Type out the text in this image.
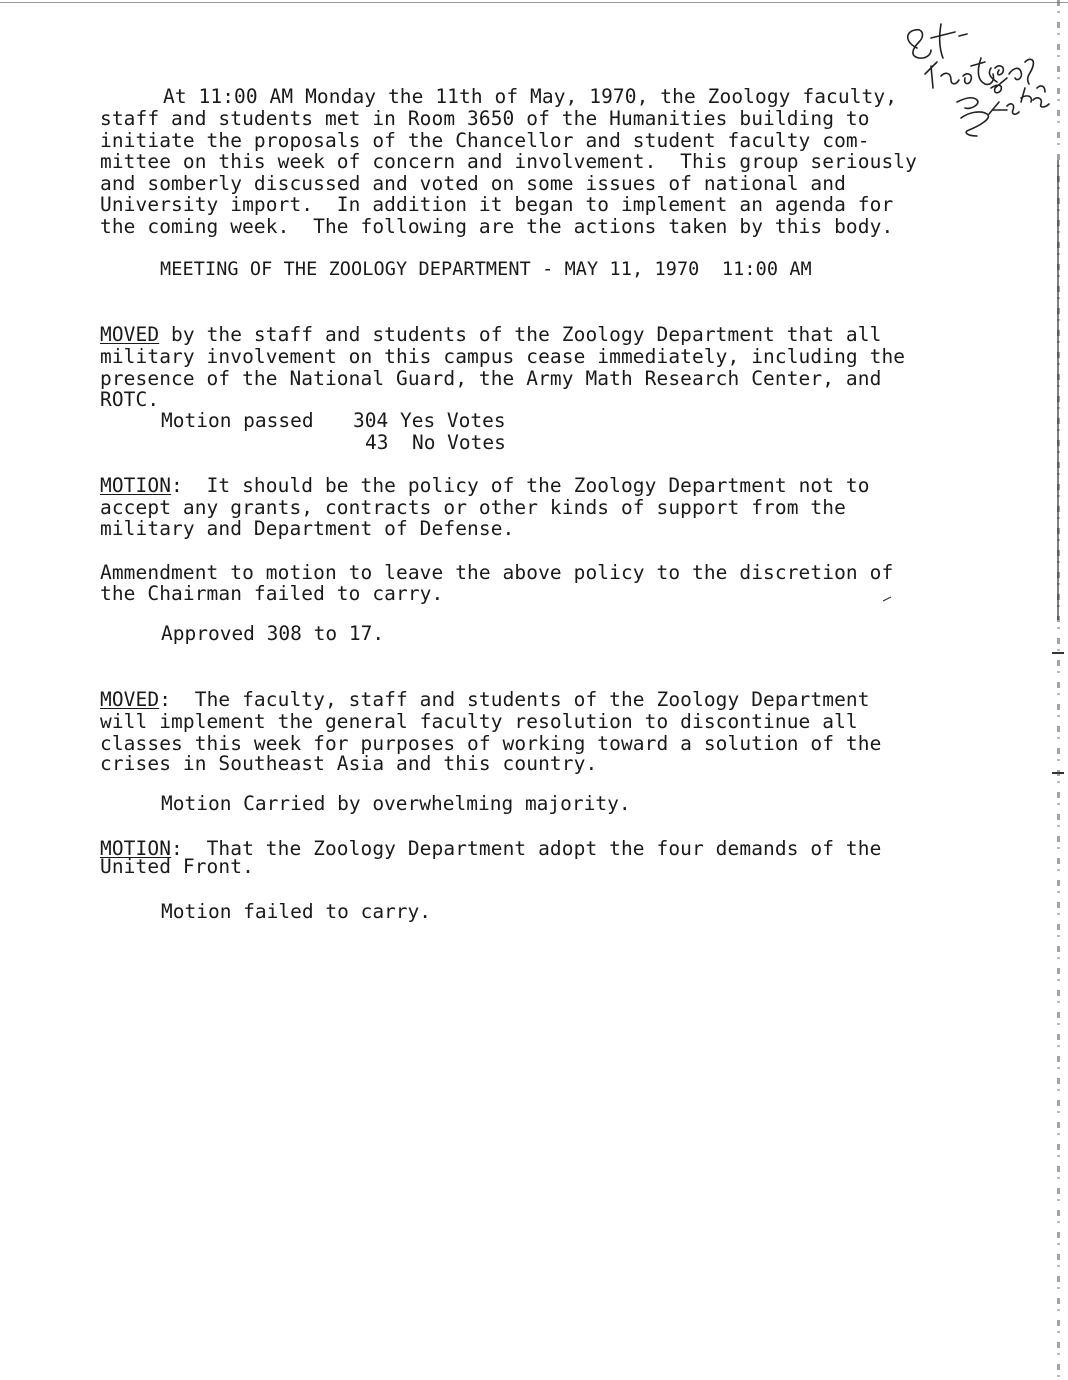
At 11:00 AM Monday the 11th of May, 1970, the Zoology faculty,
staff and students met in Room 3650 of the Humanities building to
initiate the proposals of the Chancellor and student faculty com-
mittee on this week of concern and involvement.  This group seriously
and somberly discussed and voted on some issues of national and
University import.  In addition it began to implement an agenda for
the coming week.  The following are the actions taken by this body.
MEETING OF THE ZOOLOGY DEPARTMENT - MAY 11, 1970  11:00 AM
MOVED by the staff and students of the Zoology Department that all
military involvement on this campus cease immediately, including the
presence of the National Guard, the Army Math Research Center, and
ROTC.
Motion passed 304 Yes Votes
43  No Votes
MOTION:  It should be the policy of the Zoology Department not to
accept any grants, contracts or other kinds of support from the
military and Department of Defense.
Ammendment to motion to leave the above policy to the discretion of
the Chairman failed to carry.
Approved 308 to 17.
MOVED:  The faculty, staff and students of the Zoology Department
will implement the general faculty resolution to discontinue all
classes this week for purposes of working toward a solution of the
crises in Southeast Asia and this country.
Motion Carried by overwhelming majority.
MOTION:  That the Zoology Department adopt the four demands of the
United Front.
Motion failed to carry.
